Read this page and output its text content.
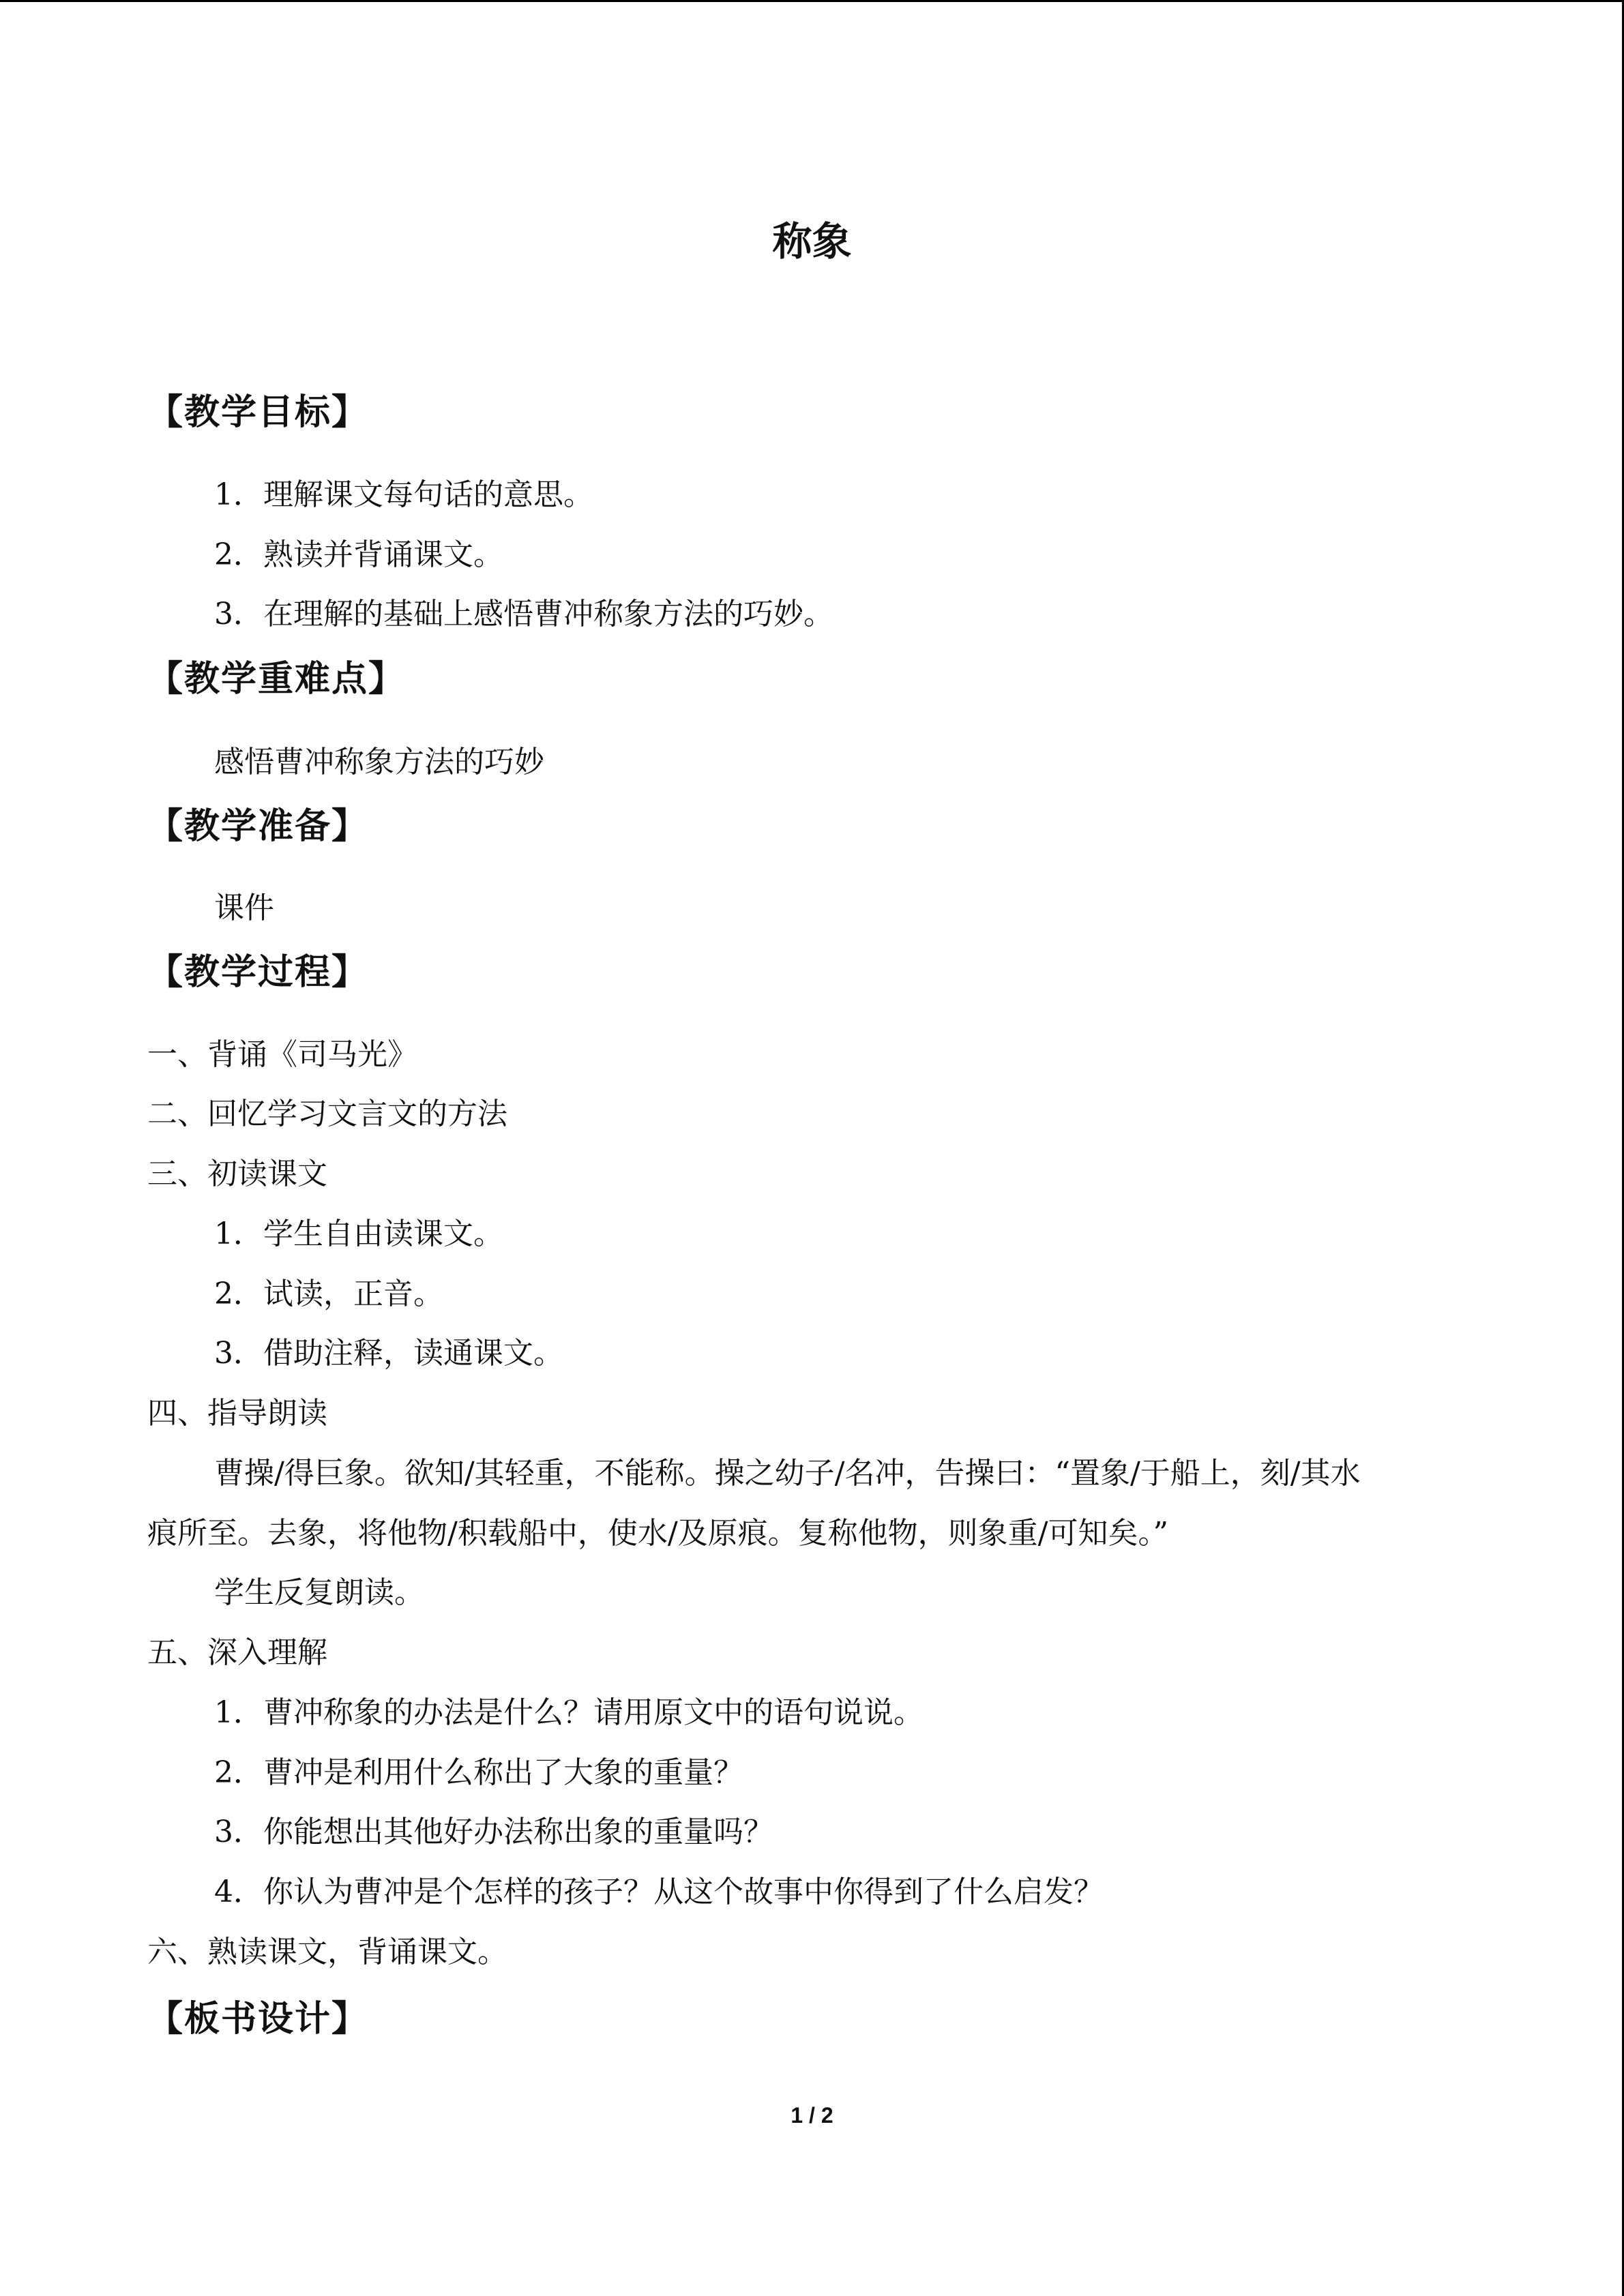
称象
【教学目标】
1．理解课文每句话的意思。
2．熟读并背诵课文。
3．在理解的基础上感悟曹冲称象方法的巧妙。
【教学重难点】
感悟曹冲称象方法的巧妙
【教学准备】
课件
【教学过程】
一、背诵《司马光》
二、回忆学习文言文的方法
三、初读课文
1．学生自由读课文。
2．试读，正音。
3．借助注释，读通课文。
四、指导朗读
曹操/得巨象。欲知/其轻重，不能称。操之幼子/名冲，告操曰：“置象/于船上，刻/其水
痕所至。去象，将他物/积载船中，使水/及原痕。复称他物，则象重/可知矣。”
学生反复朗读。
五、深入理解
1．曹冲称象的办法是什么？请用原文中的语句说说。
2．曹冲是利用什么称出了大象的重量？
3．你能想出其他好办法称出象的重量吗？
4．你认为曹冲是个怎样的孩子？从这个故事中你得到了什么启发？
六、熟读课文，背诵课文。
【板书设计】
1 / 2
